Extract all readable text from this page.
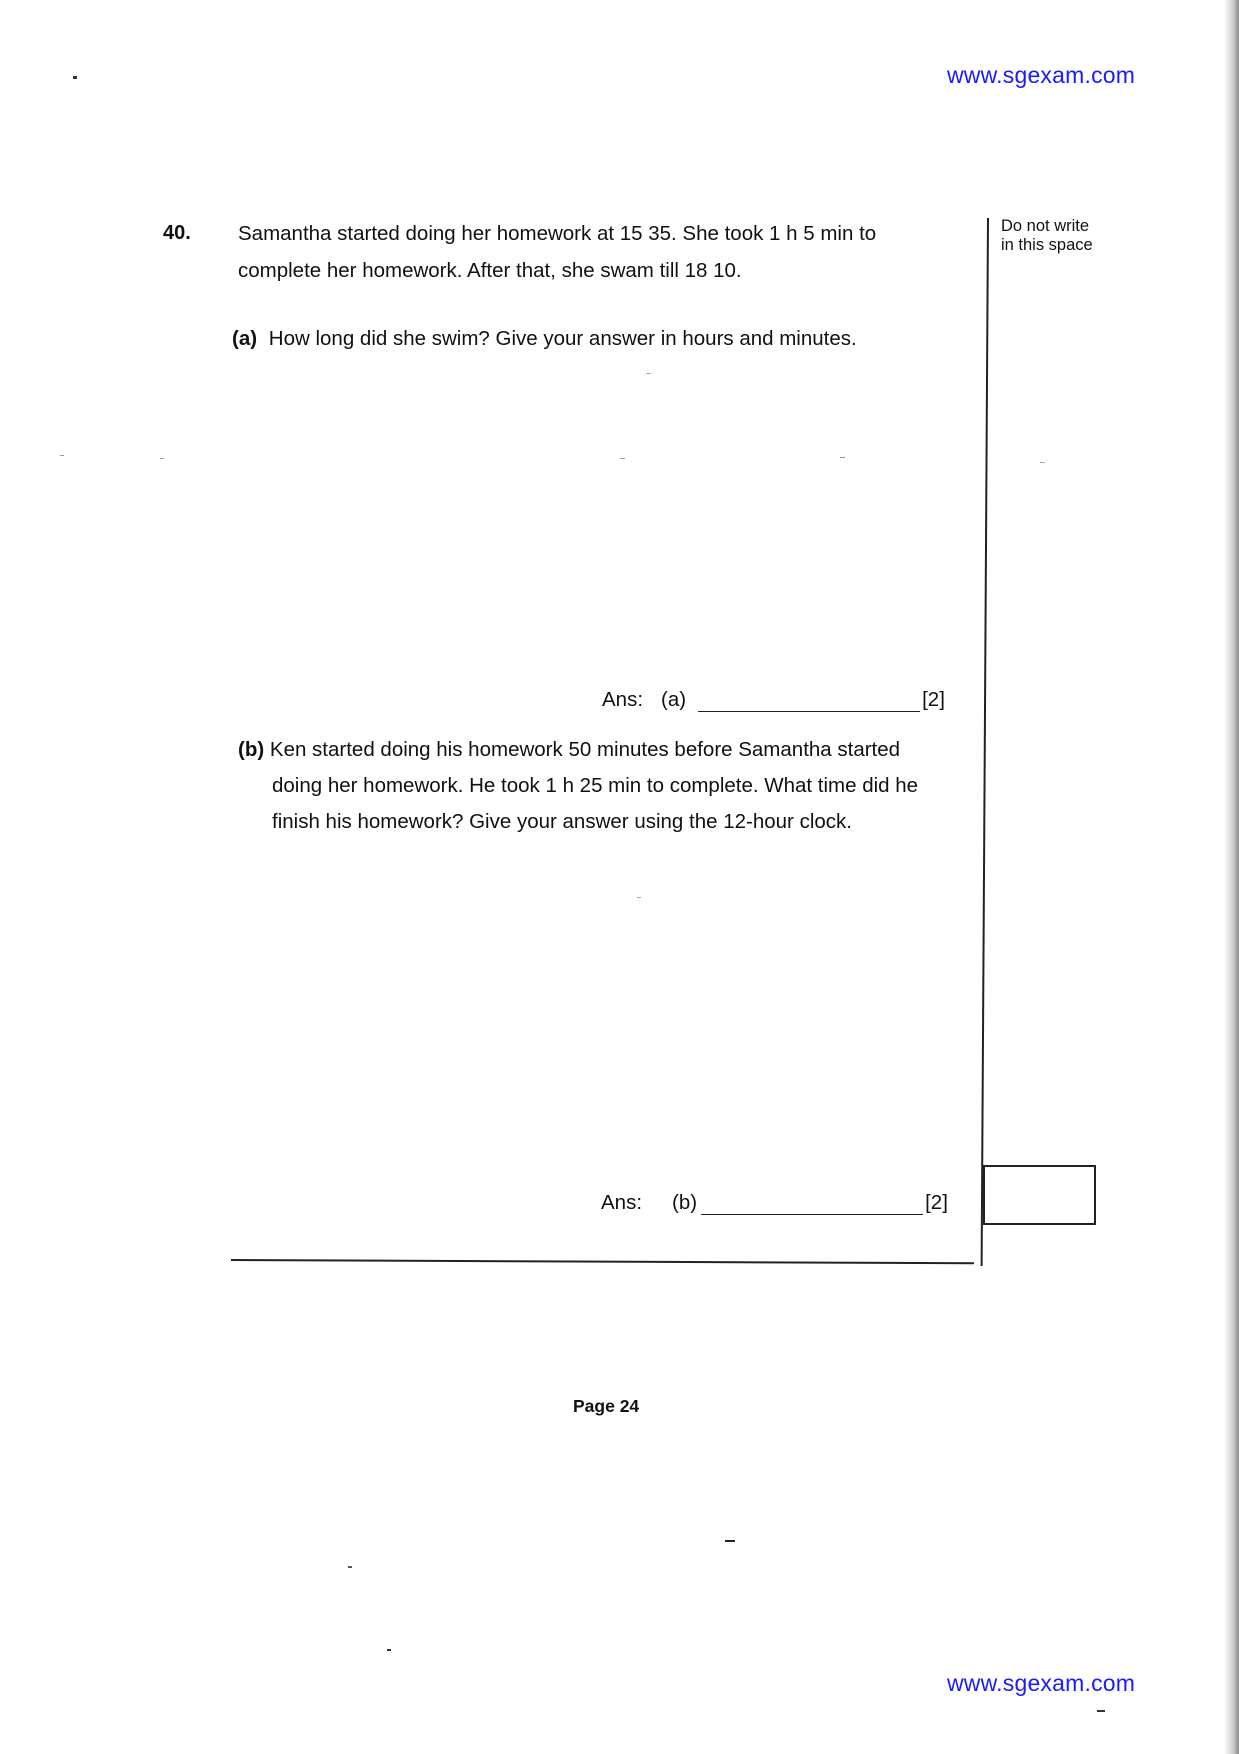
www.sgexam.com
40. Samantha started doing her homework at 15 35. She took 1 h 5 min to
complete her homework. After that, she swam till 18 10.
Do not write
in this space
(a) How long did she swim? Give your answer in hours and minutes.
Ans: (a)	[2]
(b) Ken started doing his homework 50 minutes before Samantha started
doing her homework. He took 1 h 25 min to complete. What time did he
finish his homework? Give your answer using the 12-hour clock.
Ans: (b)	[2]
Page 24
www.sgexam.com
